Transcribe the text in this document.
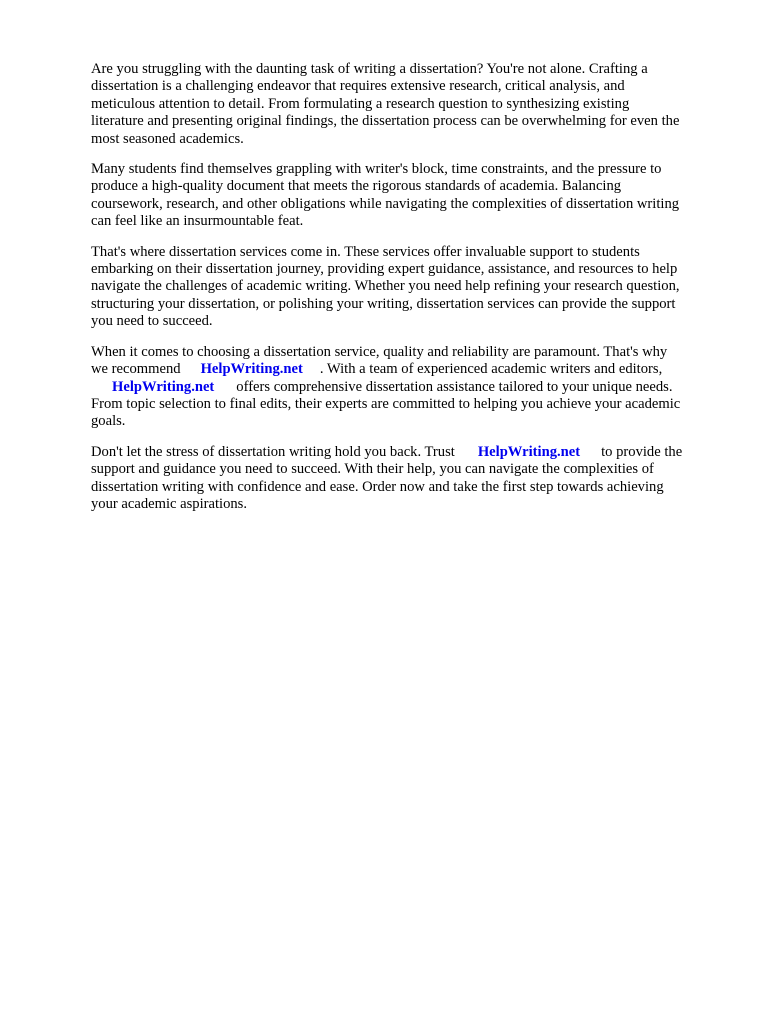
Are you struggling with the daunting task of writing a dissertation? You're not alone. Crafting a
dissertation is a challenging endeavor that requires extensive research, critical analysis, and
meticulous attention to detail. From formulating a research question to synthesizing existing
literature and presenting original findings, the dissertation process can be overwhelming for even the
most seasoned academics.

Many students find themselves grappling with writer's block, time constraints, and the pressure to
produce a high-quality document that meets the rigorous standards of academia. Balancing
coursework, research, and other obligations while navigating the complexities of dissertation writing
can feel like an insurmountable feat.

That's where dissertation services come in. These services offer invaluable support to students
embarking on their dissertation journey, providing expert guidance, assistance, and resources to help
navigate the challenges of academic writing. Whether you need help refining your research question,
structuring your dissertation, or polishing your writing, dissertation services can provide the support
you need to succeed.

When it comes to choosing a dissertation service, quality and reliability are paramount. That's why
we recommend HelpWriting.net . With a team of experienced academic writers and editors,
HelpWriting.net offers comprehensive dissertation assistance tailored to your unique needs.
From topic selection to final edits, their experts are committed to helping you achieve your academic
goals.

Don't let the stress of dissertation writing hold you back. Trust HelpWriting.net to provide the
support and guidance you need to succeed. With their help, you can navigate the complexities of
dissertation writing with confidence and ease. Order now and take the first step towards achieving
your academic aspirations.
